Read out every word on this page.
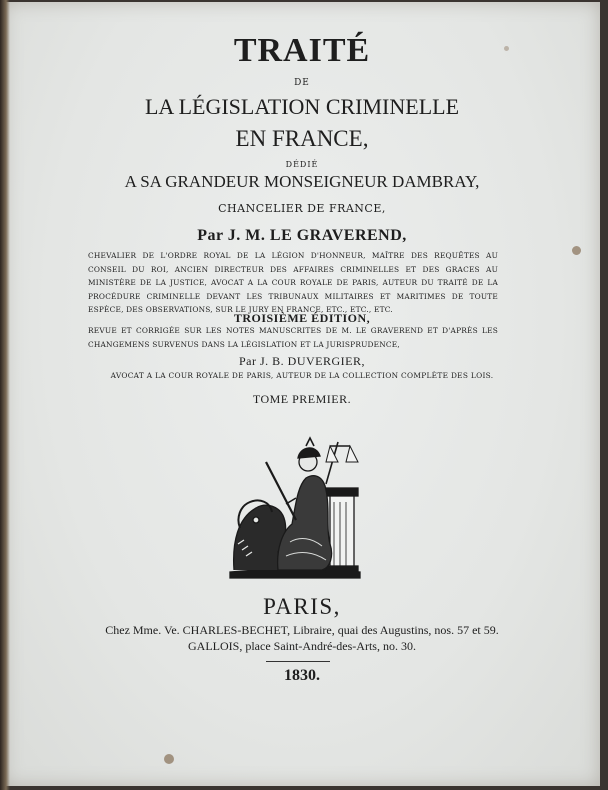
TRAITÉ
DE
LA LÉGISLATION CRIMINELLE
EN FRANCE,
DÉDIÉ
A SA GRANDEUR MONSEIGNEUR DAMBRAY,
CHANCELIER DE FRANCE,
Par J. M. LE GRAVEREND,
CHEVALIER DE L'ORDRE ROYAL DE LA LÉGION D'HONNEUR, MAÎTRE DES REQUÊTES AU CONSEIL DU ROI, ANCIEN DIRECTEUR DES AFFAIRES CRIMINELLES ET DES GRACES AU MINISTÈRE DE LA JUSTICE, AVOCAT A LA COUR ROYALE DE PARIS, AUTEUR DU TRAITÉ DE LA PROCÉDURE CRIMINELLE DEVANT LES TRIBUNAUX MILITAIRES ET MARITIMES DE TOUTE ESPÈCE, DES OBSERVATIONS, SUR LE JURY EN FRANCE, ETC., ETC., ETC.
TROISIÈME ÉDITION,
REVUE ET CORRIGÉE SUR LES NOTES MANUSCRITES DE M. LE GRAVEREND ET D'APRÈS LES CHANGEMENS SURVENUS DANS LA LÉGISLATION ET LA JURISPRUDENCE,
Par J. B. DUVERGIER,
AVOCAT A LA COUR ROYALE DE PARIS, AUTEUR DE LA COLLECTION COMPLÈTE DES LOIS.
TOME PREMIER.
PARIS,
Chez Mme. Ve. CHARLES-BECHET, Libraire, quai des Augustins, nos. 57 et 59.
GALLOIS, place Saint-André-des-Arts, no. 30.
1830.
